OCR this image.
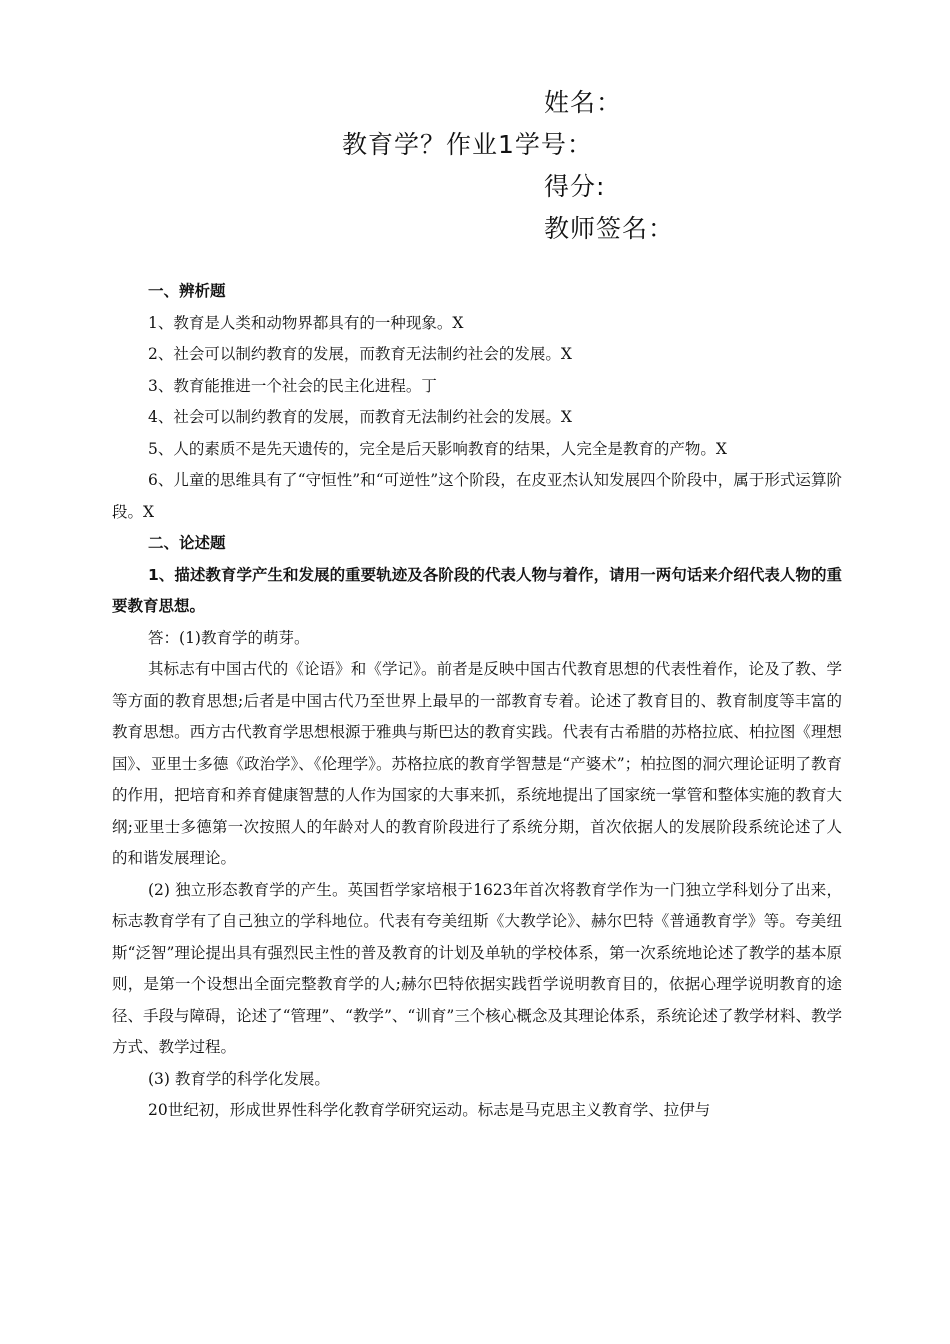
姓名：
教育学？作业1学号：
得分:
教师签名：

一、辨析题

1、教育是人类和动物界都具有的一种现象。X

2、社会可以制约教育的发展，而教育无法制约社会的发展。X

3、教育能推进一个社会的民主化进程。丁

4、社会可以制约教育的发展，而教育无法制约社会的发展。X

5、人的素质不是先天遗传的，完全是后天影响教育的结果，人完全是教育的产物。X

6、儿童的思维具有了“守恒性”和“可逆性”这个阶段，在皮亚杰认知发展四个阶段中，属于形式运算阶段。X

二、论述题

1、描述教育学产生和发展的重要轨迹及各阶段的代表人物与着作，请用一两句话来介绍代表人物的重要教育思想。

答：(1)教育学的萌芽。

其标志有中国古代的《论语》和《学记》。前者是反映中国古代教育思想的代表性着作，论及了教、学等方面的教育思想;后者是中国古代乃至世界上最早的一部教育专着。论述了教育目的、教育制度等丰富的教育思想。西方古代教育学思想根源于雅典与斯巴达的教育实践。代表有古希腊的苏格拉底、柏拉图《理想国》、亚里士多德《政治学》、《伦理学》。苏格拉底的教育学智慧是“产婆术”；柏拉图的洞穴理论证明了教育的作用，把培育和养育健康智慧的人作为国家的大事来抓，系统地提出了国家统一掌管和整体实施的教育大纲;亚里士多德第一次按照人的年龄对人的教育阶段进行了系统分期，首次依据人的发展阶段系统论述了人的和谐发展理论。

(2) 独立形态教育学的产生。英国哲学家培根于1623年首次将教育学作为一门独立学科划分了出来，标志教育学有了自己独立的学科地位。代表有夸美纽斯《大教学论》、赫尔巴特《普通教育学》等。夸美纽斯“泛智”理论提出具有强烈民主性的普及教育的计划及单轨的学校体系，第一次系统地论述了教学的基本原则，是第一个设想出全面完整教育学的人;赫尔巴特依据实践哲学说明教育目的，依据心理学说明教育的途径、手段与障碍，论述了“管理”、“教学”、“训育”三个核心概念及其理论体系，系统论述了教学材料、教学方式、教学过程。

(3) 教育学的科学化发展。

20世纪初，形成世界性科学化教育学研究运动。标志是马克思主义教育学、拉伊与
